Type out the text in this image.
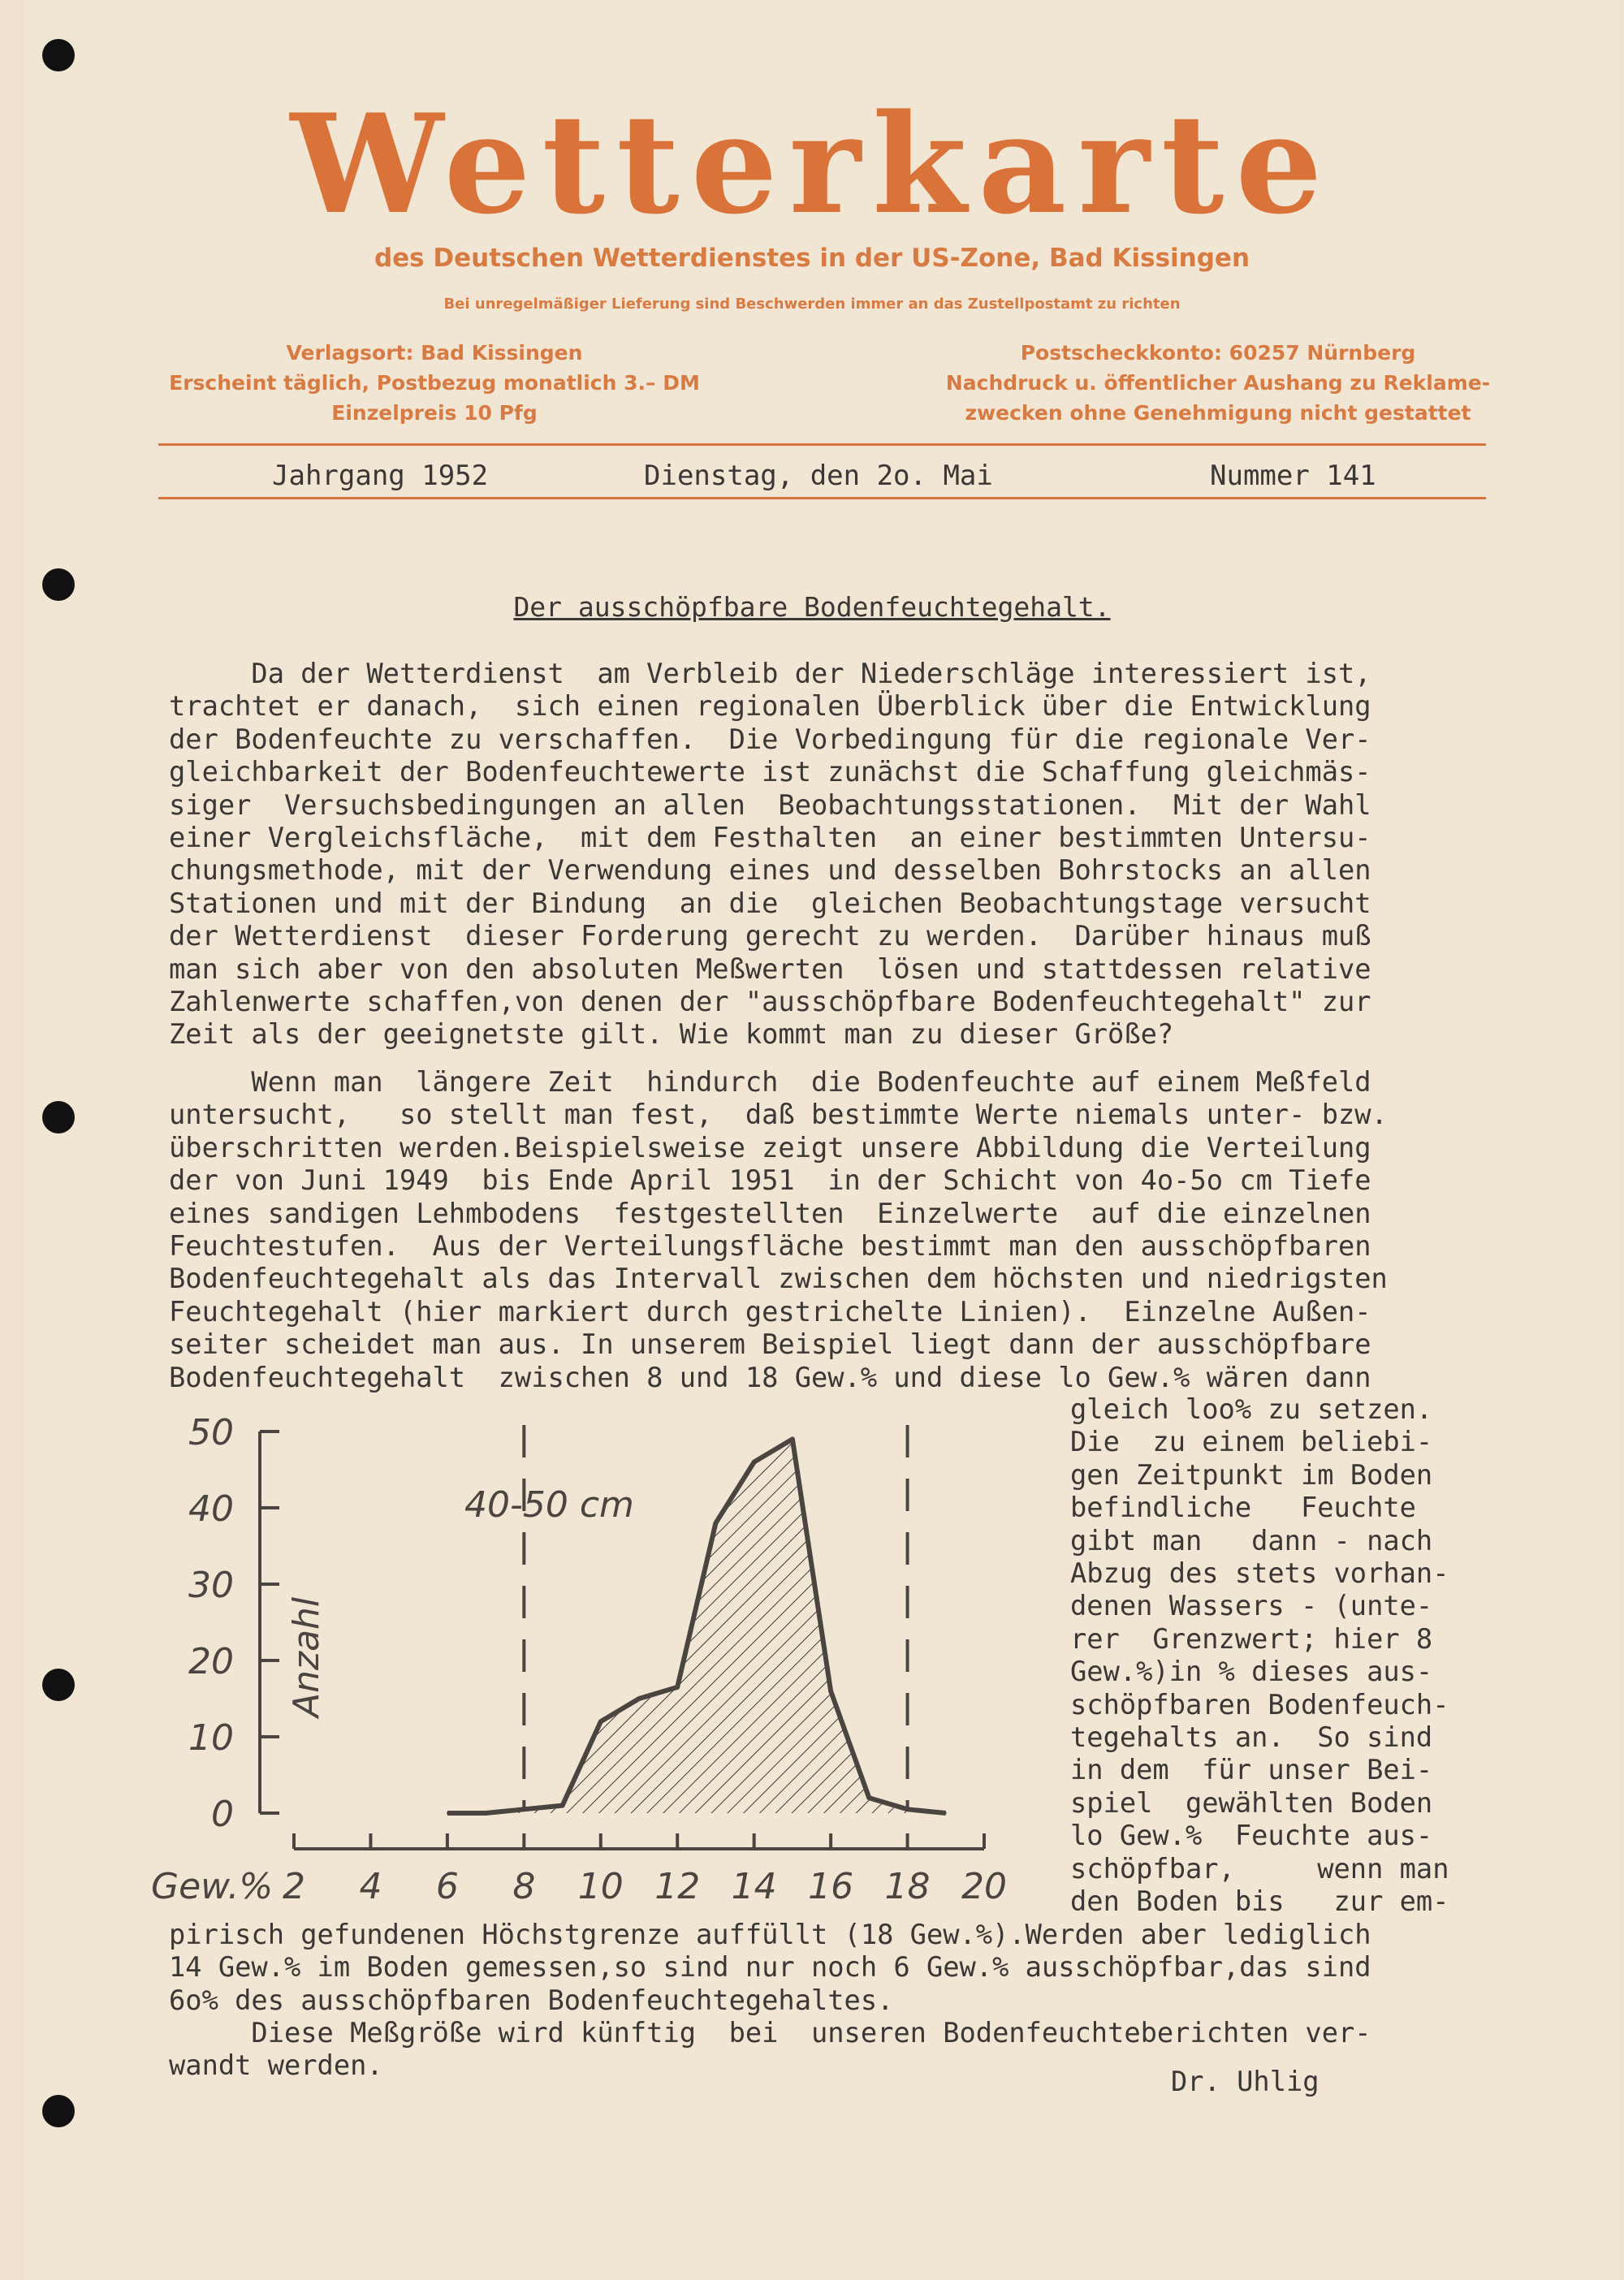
Wetterkarte
des Deutschen Wetterdienstes in der US-Zone, Bad Kissingen
Bei unregelmäßiger Lieferung sind Beschwerden immer an das Zustellpostamt zu richten
Verlagsort: Bad Kissingen
Erscheint täglich, Postbezug monatlich 3.– DM
Einzelpreis 10 Pfg
Postscheckkonto: 60257 Nürnberg
Nachdruck u. öffentlicher Aushang zu Reklame-
zwecken ohne Genehmigung nicht gestattet
Jahrgang 1952	Dienstag, den 2o. Mai	Nummer 141
Der ausschöpfbare Bodenfeuchtegehalt.
Da der Wetterdienst  am Verbleib der Niederschläge interessiert ist,
trachtet er danach,  sich einen regionalen Überblick über die Entwicklung
der Bodenfeuchte zu verschaffen.  Die Vorbedingung für die regionale Ver-
gleichbarkeit der Bodenfeuchtewerte ist zunächst die Schaffung gleichmäs-
siger  Versuchsbedingungen an allen  Beobachtungsstationen.  Mit der Wahl
einer Vergleichsfläche,  mit dem Festhalten  an einer bestimmten Untersu-
chungsmethode, mit der Verwendung eines und desselben Bohrstocks an allen
Stationen und mit der Bindung  an die  gleichen Beobachtungstage versucht
der Wetterdienst  dieser Forderung gerecht zu werden.  Darüber hinaus muß
man sich aber von den absoluten Meßwerten  lösen und stattdessen relative
Zahlenwerte schaffen,von denen der "ausschöpfbare Bodenfeuchtegehalt" zur
Zeit als der geeignetste gilt. Wie kommt man zu dieser Größe?
Wenn man  längere Zeit  hindurch  die Bodenfeuchte auf einem Meßfeld
untersucht,   so stellt man fest,  daß bestimmte Werte niemals unter- bzw.
überschritten werden.Beispielsweise zeigt unsere Abbildung die Verteilung
der von Juni 1949  bis Ende April 1951  in der Schicht von 4o-5o cm Tiefe
eines sandigen Lehmbodens  festgestellten  Einzelwerte  auf die einzelnen
Feuchtestufen.  Aus der Verteilungsfläche bestimmt man den ausschöpfbaren
Bodenfeuchtegehalt als das Intervall zwischen dem höchsten und niedrigsten
Feuchtegehalt (hier markiert durch gestrichelte Linien).  Einzelne Außen-
seiter scheidet man aus. In unserem Beispiel liegt dann der ausschöpfbare
Bodenfeuchtegehalt  zwischen 8 und 18 Gew.% und diese lo Gew.% wären dann
gleich loo% zu setzen.
Die  zu einem beliebi-
gen Zeitpunkt im Boden
befindliche   Feuchte
gibt man   dann - nach
Abzug des stets vorhan-
denen Wassers - (unte-
rer  Grenzwert; hier 8
Gew.%)in % dieses aus-
schöpfbaren Bodenfeuch-
tegehalts an.  So sind
in dem  für unser Bei-
spiel  gewählten Boden
lo Gew.%  Feuchte aus-
schöpfbar,     wenn man
den Boden bis   zur em-
pirisch gefundenen Höchstgrenze auffüllt (18 Gew.%).Werden aber lediglich
14 Gew.% im Boden gemessen,so sind nur noch 6 Gew.% ausschöpfbar,das sind
6o% des ausschöpfbaren Bodenfeuchtegehaltes.
Diese Meßgröße wird künftig  bei  unseren Bodenfeuchteberichten ver-
wandt werden.
Dr. Uhlig
0
10
20
30
40
50
2 4 6 8 10 12 14 16 18 20
Gew.%
Anzahl
40-50 cm
